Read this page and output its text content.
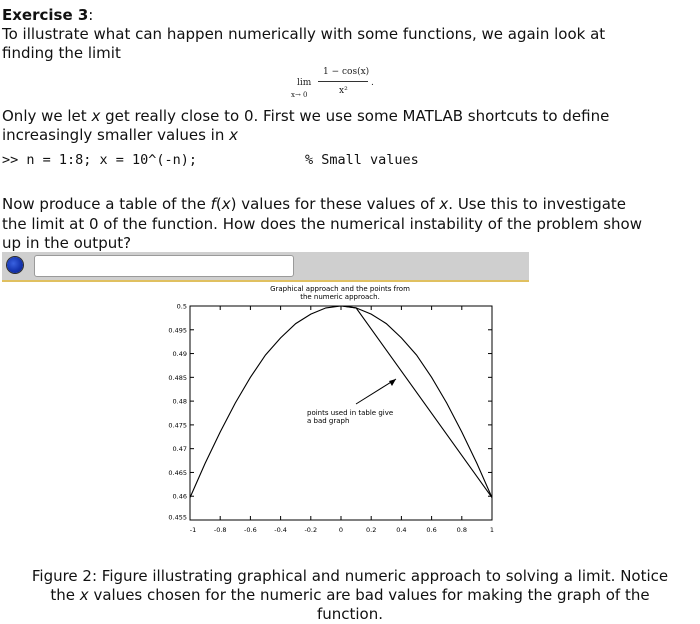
Exercise 3:
To illustrate what can happen numerically with some functions, we again look at
finding the limit
lim
x→ 0
1 − cos(x)
x²
.
Only we let x get really close to 0. First we use some MATLAB shortcuts to define
increasingly smaller values in x
>> n = 1:8; x = 10^(-n);	% Small values
Now produce a table of the f(x) values for these values of x. Use this to investigate
the limit at 0 of the function. How does the numerical instability of the problem show
up in the output?
-1	-0.8	-0.6	-0.4	-0.2	0	0.2	0.4	0.6	0.8	1
0.455
0.46
0.465
0.47
0.475
0.48
0.485
0.49
0.495
0.5
Graphical approach and the points from
the numeric approach.
points used in table give
a bad graph
Figure 2: Figure illustrating graphical and numeric approach to solving a limit. Notice
the x values chosen for the numeric are bad values for making the graph of the
function.
